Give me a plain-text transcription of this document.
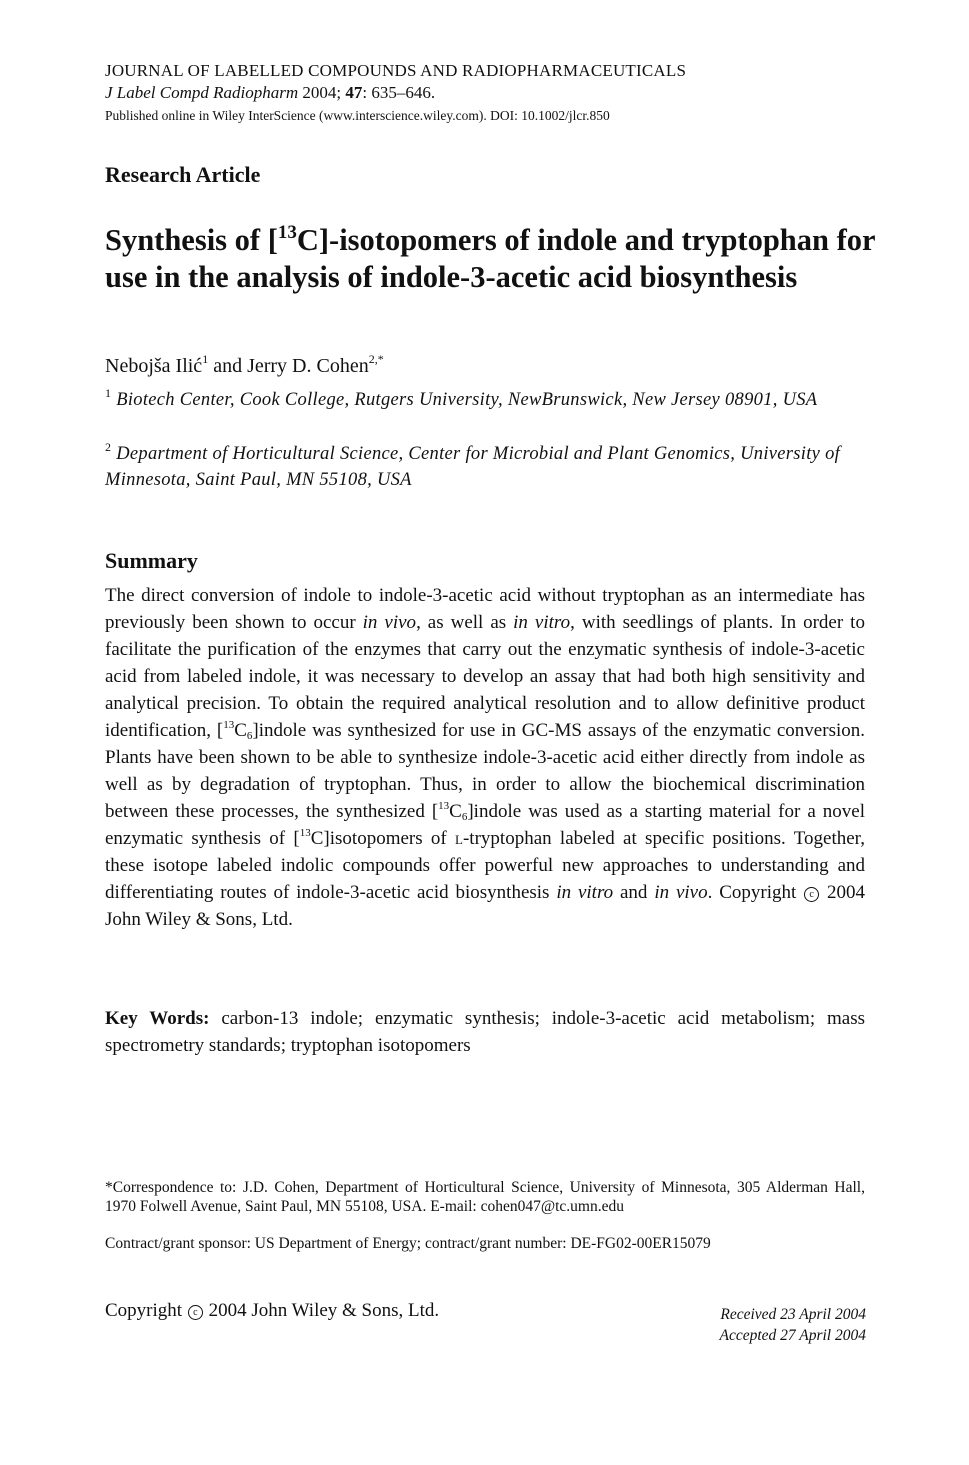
JOURNAL OF LABELLED COMPOUNDS AND RADIOPHARMACEUTICALS
J Label Compd Radiopharm 2004; 47: 635–646.
Published online in Wiley InterScience (www.interscience.wiley.com). DOI: 10.1002/jlcr.850
Research Article
Synthesis of [$^{13}$C]-isotopomers of indole and tryptophan for use in the analysis of indole-3-acetic acid biosynthesis
Nebojša Ilić$^1$ and Jerry D. Cohen$^{2,*}$
$^1$ Biotech Center, Cook College, Rutgers University, NewBrunswick, New Jersey 08901, USA
$^2$ Department of Horticultural Science, Center for Microbial and Plant Genomics, University of Minnesota, Saint Paul, MN 55108, USA
Summary

The direct conversion of indole to indole-3-acetic acid without tryptophan as an intermediate has previously been shown to occur in vivo, as well as in vitro, with seedlings of plants. In order to facilitate the purification of the enzymes that carry out the enzymatic synthesis of indole-3-acetic acid from labeled indole, it was necessary to develop an assay that had both high sensitivity and analytical precision. To obtain the required analytical resolution and to allow definitive product identification, $[^{13}C_6]indole$ was synthesized for use in GC-MS assays of the enzymatic conversion. Plants have been shown to be able to synthesize indole-3-acetic acid either directly from indole as well as by degradation of tryptophan. Thus, in order to allow the biochemical discrimination between these processes, the synthesized $[^{13}C_6]indole$ was used as a starting material for a novel enzymatic synthesis of [$^{13}$C]isotopomers of l-tryptophan labeled at specific positions. Together, these isotope labeled indolic compounds offer powerful new approaches to understanding and differentiating routes of indole-3-acetic acid biosynthesis in vitro and in vivo. Copyright c 2004 John Wiley & Sons, Ltd.

Key Words: carbon-13 indole; enzymatic synthesis; indole-3-acetic acid metabolism; mass spectrometry standards; tryptophan isotopomers

*Correspondence to: J.D. Cohen, Department of Horticultural Science, University of Minnesota, 305 Alderman Hall, 1970 Folwell Avenue, Saint Paul, MN 55108, USA. E-mail: cohen047@tc.umn.edu

Contract/grant sponsor: US Department of Energy; contract/grant number: DE-FG02-00ER15079
Copyright c 2004 John Wiley & Sons, Ltd.	Received 23 April 2004
Accepted 27 April 2004
